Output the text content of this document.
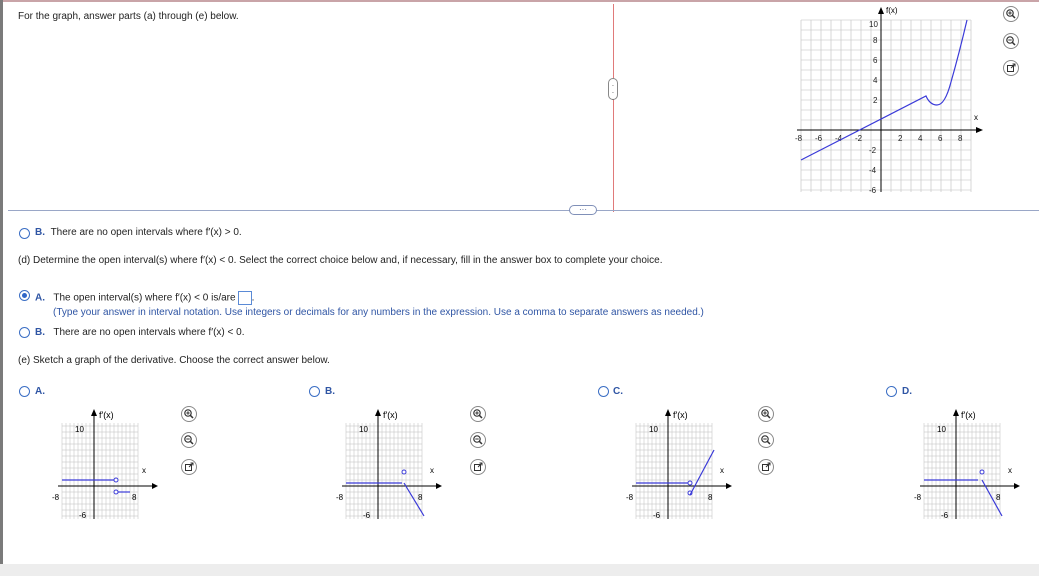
For the graph, answer parts (a) through (e) below.
·
·
·
f(x)
x
-8 -6 -4 -2	2 4 6 8
10
8
6
4
2
-2
-4
-6
···
B. There are no open intervals where f′(x) > 0.
(d) Determine the open interval(s) where f′(x) < 0. Select the correct choice below and, if necessary, fill in the answer box to complete your choice.
A. The open interval(s) where f′(x) < 0 is/are .
(Type your answer in interval notation. Use integers or decimals for any numbers in the expression. Use a comma to separate answers as needed.)
B. There are no open intervals where f′(x) < 0.
(e) Sketch a graph of the derivative. Choose the correct answer below.
A.
f′(x)
x
10
-8	8
-6
B.
f′(x)
x
10
-8	8
-6
C.
f′(x)
x
10
-8	8
-6
D.
f′(x)
x
10
-8	8
-6
